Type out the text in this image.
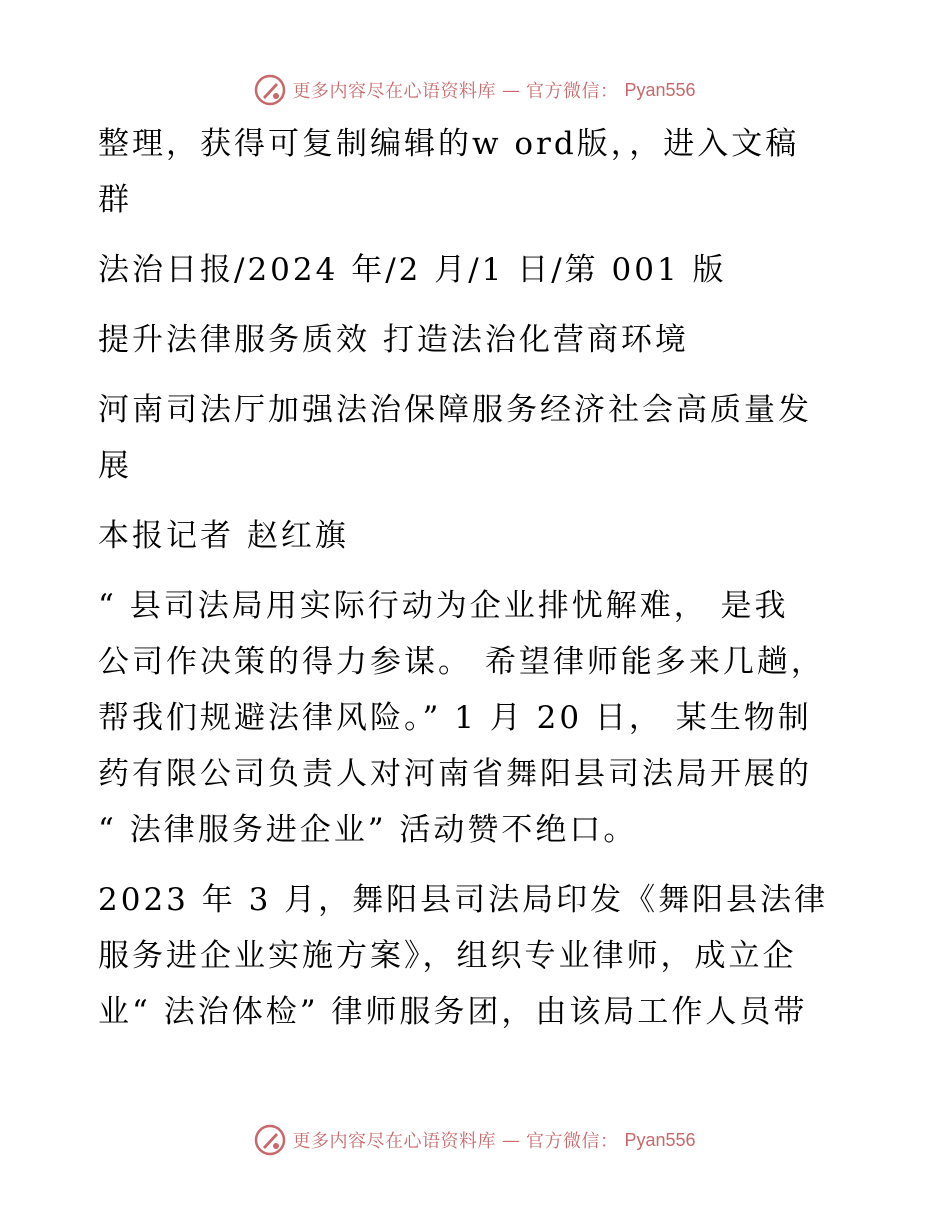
更多内容尽在心语资料库 — 官方微信： Pyan556

整理，获得可复制编辑的w ord版，，进入文稿
群

法治日报/2024 年/2 月/1 日/第 001 版

提升法律服务质效 打造法治化营商环境

河南司法厅加强法治保障服务经济社会高质量发
展

本报记者 赵红旗

“ 县司法局用实际行动为企业排忧解难， 是我
公司作决策的得力参谋。 希望律师能多来几趟，
帮我们规避法律风险。” 1 月 20 日， 某生物制
药有限公司负责人对河南省舞阳县司法局开展的
“ 法律服务进企业” 活动赞不绝口。

2023 年 3 月，舞阳县司法局印发《舞阳县法律
服务进企业实施方案》，组织专业律师，成立企
业“ 法治体检” 律师服务团，由该局工作人员带

更多内容尽在心语资料库 — 官方微信： Pyan556
